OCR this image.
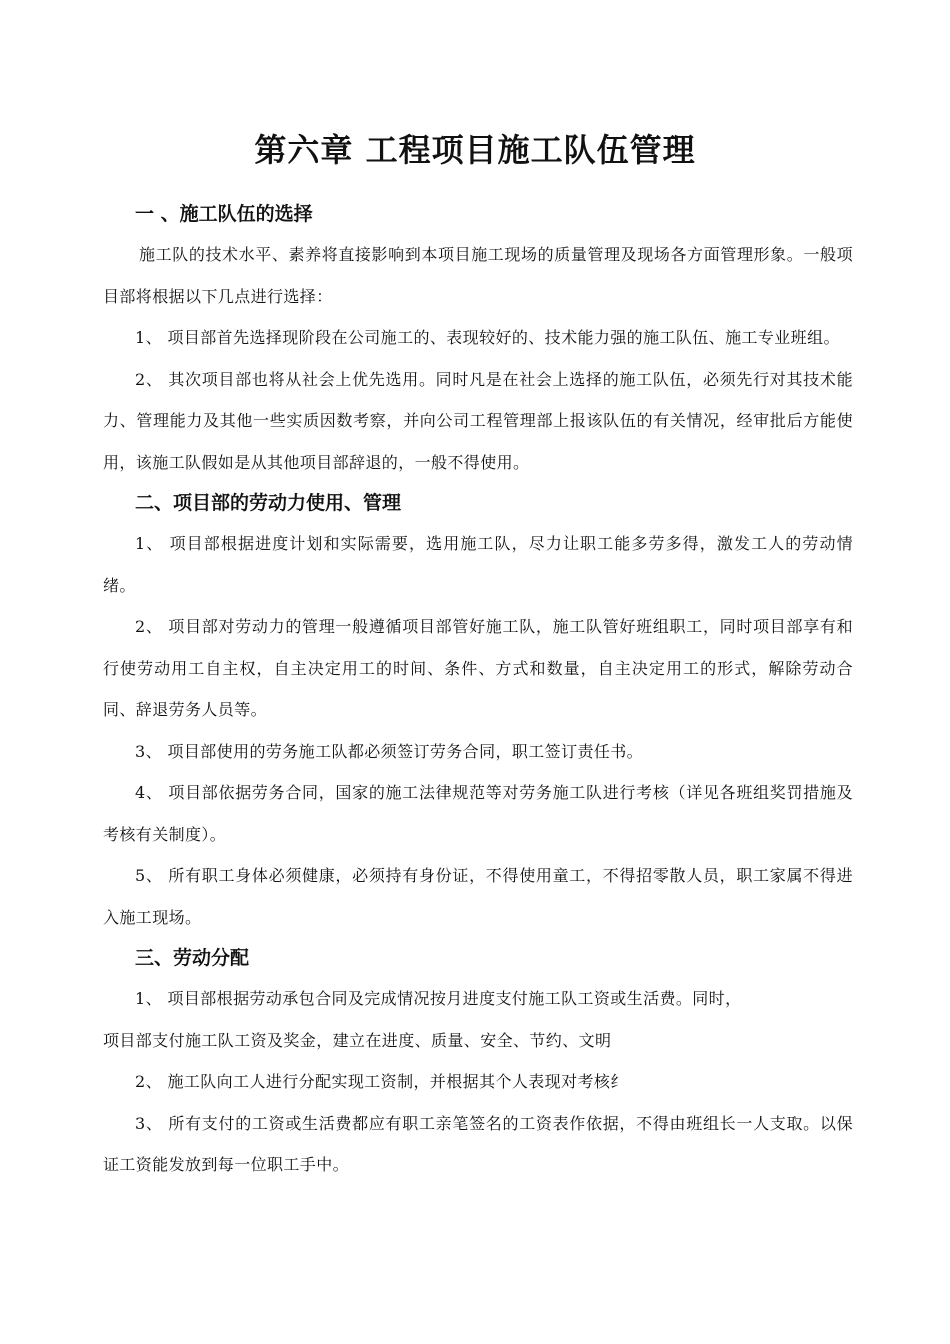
第六章 工程项目施工队伍管理
一 、施工队伍的选择

施工队的技术水平、素养将直接影响到本项目施工现场的质量管理及现场各方面管理形象。一般项目部将根据以下几点进行选择：

1、 项目部首先选择现阶段在公司施工的、表现较好的、技术能力强的施工队伍、施工专业班组。

2、 其次项目部也将从社会上优先选用。同时凡是在社会上选择的施工队伍，必须先行对其技术能力、管理能力及其他一些实质因数考察，并向公司工程管理部上报该队伍的有关情况，经审批后方能使用，该施工队假如是从其他项目部辞退的，一般不得使用。

二、项目部的劳动力使用、管理

1、 项目部根据进度计划和实际需要，选用施工队，尽力让职工能多劳多得，激发工人的劳动情绪。

2、 项目部对劳动力的管理一般遵循项目部管好施工队，施工队管好班组职工，同时项目部享有和行使劳动用工自主权，自主决定用工的时间、条件、方式和数量，自主决定用工的形式，解除劳动合同、辞退劳务人员等。

3、 项目部使用的劳务施工队都必须签订劳务合同，职工签订责任书。

4、 项目部依据劳务合同，国家的施工法律规范等对劳务施工队进行考核（详见各班组奖罚措施及考核有关制度）。

5、 所有职工身体必须健康，必须持有身份证，不得使用童工，不得招零散人员，职工家属不得进入施工现场。

三、劳动分配

1、 项目部根据劳动承包合同及完成情况按月进度支付施工队工资或生活费。同时，

项目部支付施工队工资及奖金，建立在进度、质量、安全、节约、文明

2、 施工队向工人进行分配实现工资制，并根据其个人表现对考核纟

3、 所有支付的工资或生活费都应有职工亲笔签名的工资表作依据，不得由班组长一人支取。以保证工资能发放到每一位职工手中。
